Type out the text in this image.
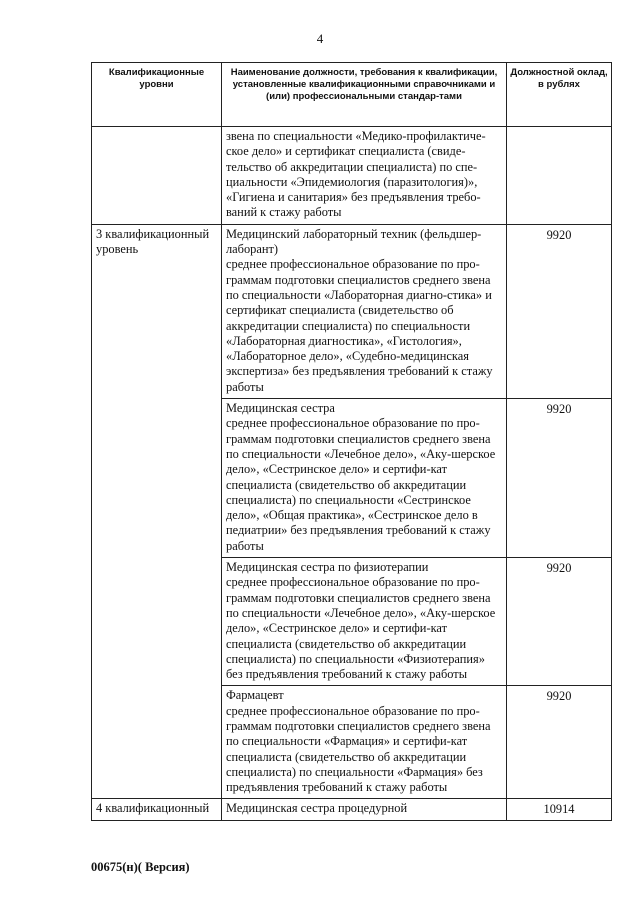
4
Квалификационные уровни	Наименование должности, требования к квалификации, установленные квалификационными справочниками и (или) профессиональными стандар-тами	Должностной оклад, в рублях
	звена по специальности «Медико-профилактиче-ское дело» и сертификат специалиста (свиде-тельство об аккредитации специалиста) по спе-циальности «Эпидемиология (паразитология)», «Гигиена и санитария» без предъявления требо-ваний к стажу работы	
3 квалификационный уровень	Медицинский лабораторный техник (фельдшер-лаборант)
среднее профессиональное образование по про-граммам подготовки специалистов среднего звена по специальности «Лабораторная диагно-стика» и сертификат специалиста (свидетельство об аккредитации специалиста) по специальности «Лабораторная диагностика», «Гистология», «Лабораторное дело», «Судебно-медицинская экспертиза» без предъявления требований к стажу работы	9920

	Медицинская сестра
среднее профессиональное образование по про-граммам подготовки специалистов среднего звена по специальности «Лечебное дело», «Аку-шерское дело», «Сестринское дело» и сертифи-кат специалиста (свидетельство об аккредитации специалиста) по специальности «Сестринское дело», «Общая практика», «Сестринское дело в педиатрии» без предъявления требований к стажу работы	9920

	Медицинская сестра по физиотерапии
среднее профессиональное образование по про-граммам подготовки специалистов среднего звена по специальности «Лечебное дело», «Аку-шерское дело», «Сестринское дело» и сертифи-кат специалиста (свидетельство об аккредитации специалиста) по специальности «Физиотерапия» без предъявления требований к стажу работы	9920

	Фармацевт
среднее профессиональное образование по про-граммам подготовки специалистов среднего звена по специальности «Фармация» и сертифи-кат специалиста (свидетельство об аккредитации специалиста) по специальности «Фармация» без предъявления требований к стажу работы	9920
4 квалификационный	Медицинская сестра процедурной	10914
00675(н)( Версия)
